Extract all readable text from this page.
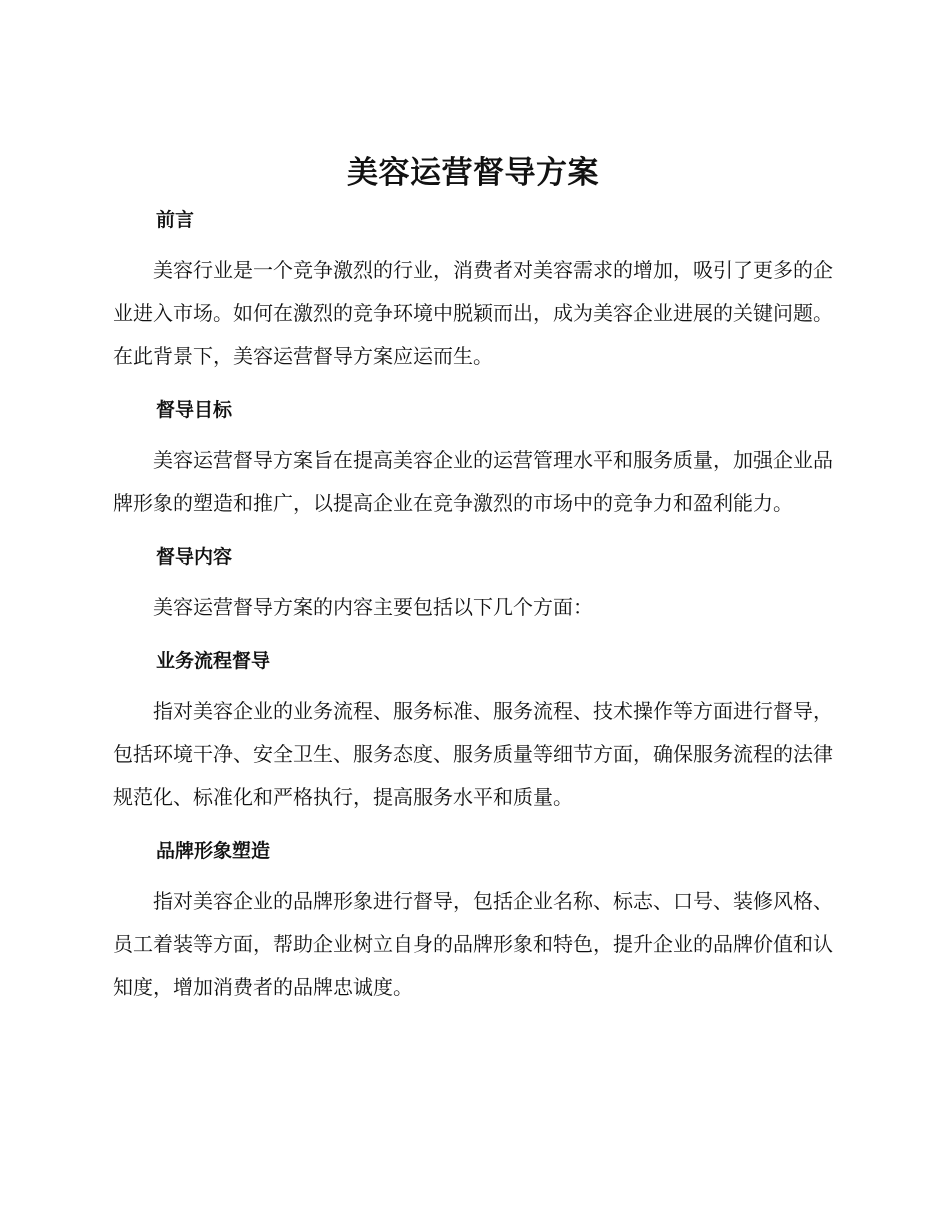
美容运营督导方案
前言

美容行业是一个竞争激烈的行业，消费者对美容需求的增加，吸引了更多的企业进入市场。如何在激烈的竞争环境中脱颖而出，成为美容企业进展的关键问题。在此背景下，美容运营督导方案应运而生。

督导目标

美容运营督导方案旨在提高美容企业的运营管理水平和服务质量，加强企业品牌形象的塑造和推广，以提高企业在竞争激烈的市场中的竞争力和盈利能力。

督导内容

美容运营督导方案的内容主要包括以下几个方面：

业务流程督导

指对美容企业的业务流程、服务标准、服务流程、技术操作等方面进行督导，包括环境干净、安全卫生、服务态度、服务质量等细节方面，确保服务流程的法律规范化、标准化和严格执行，提高服务水平和质量。

品牌形象塑造

指对美容企业的品牌形象进行督导，包括企业名称、标志、口号、装修风格、员工着装等方面，帮助企业树立自身的品牌形象和特色，提升企业的品牌价值和认知度，增加消费者的品牌忠诚度。
